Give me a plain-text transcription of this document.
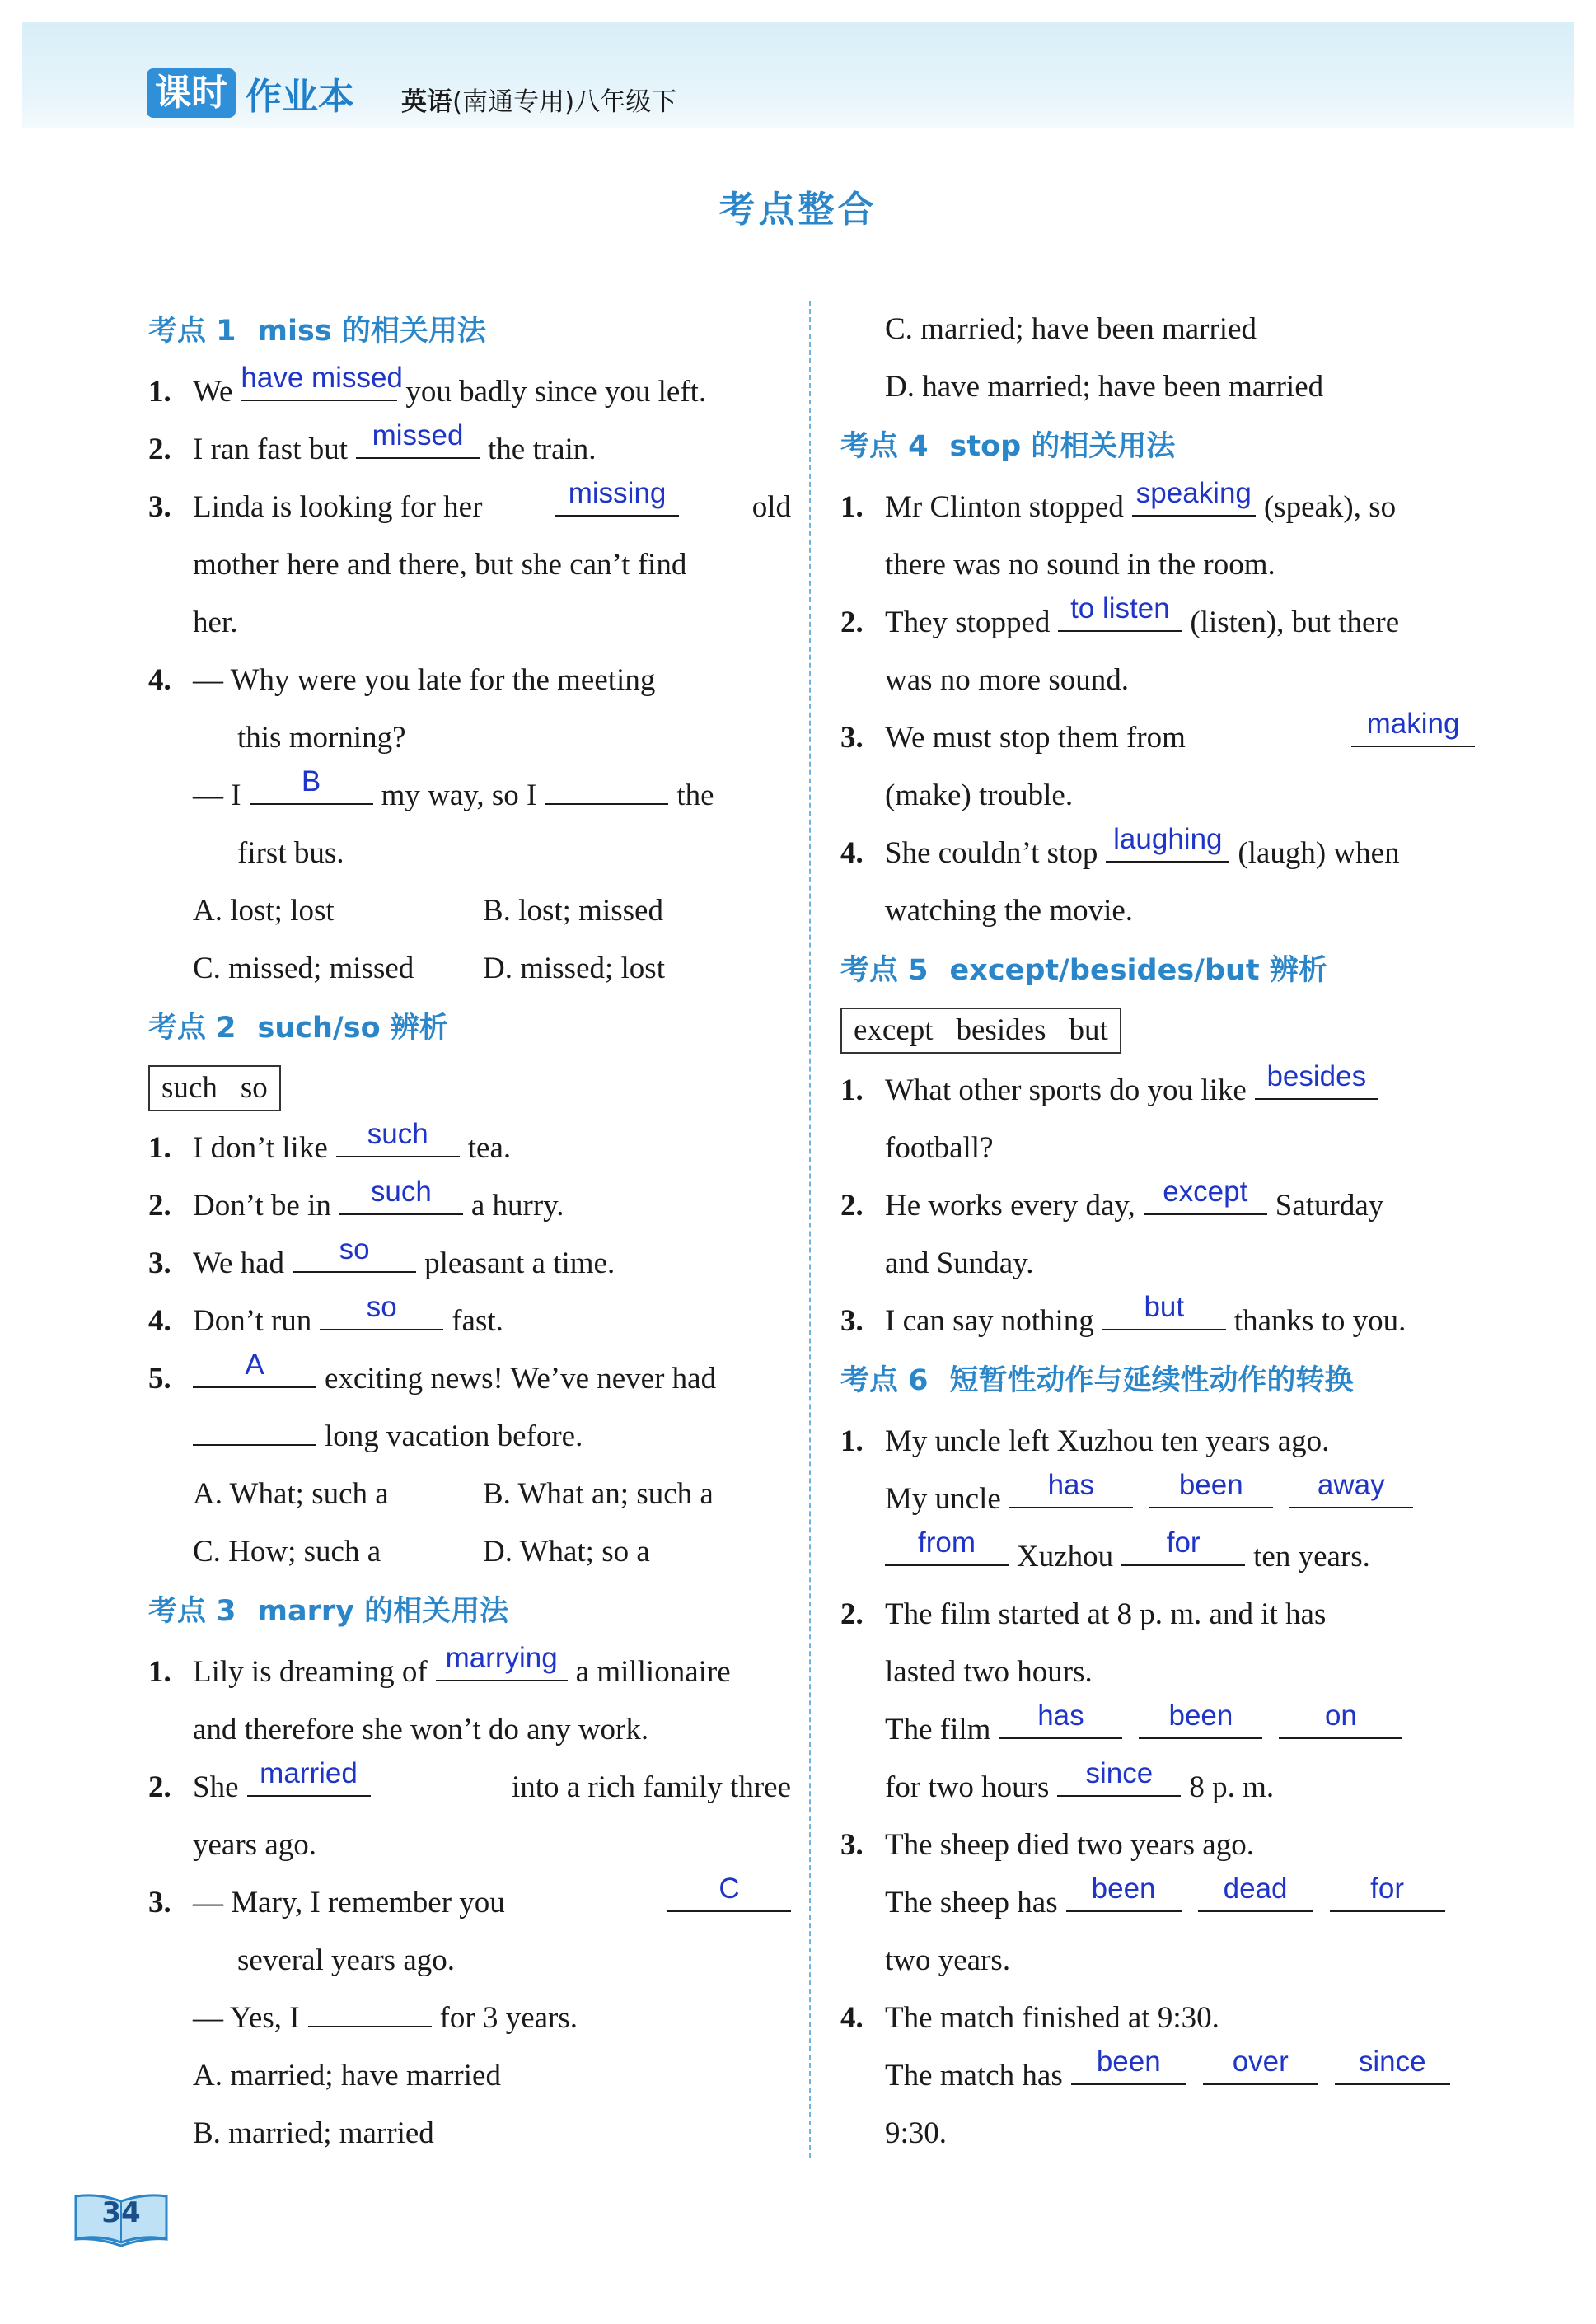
课时 作业本 英语(南通专用)八年级下
考点整合
考点 1 miss 的相关用法
1. We have missed you badly since you left.
2. I ran fast but missed the train.
3. Linda is looking for her	missing	old
mother here and there, but she can’t find
her.
4. — Why were you late for the meeting
this morning?
— I	B	my way, so I	the
first bus.
A. lost; lost	B. lost; missed
C. missed; missed D. missed; lost
考点 2 such/so 辨析
such so
1. I don’t like	such	tea.
2. Don’t be in	such	a hurry.
3. We had	so	pleasant a time.
4. Don’t run	so	fast.
5.	A	exciting news! We’ve never had
long vacation before.
A. What; such a	B. What an; such a
C. How; such a	D. What; so a
考点 3 marry 的相关用法
1. Lily is dreaming of marrying a millionaire
and therefore she won’t do any work.
2. She married	into a rich family three
years ago.
3. — Mary, I remember you	C
several years ago.
— Yes, I	for 3 years.
A. married; have married
B. married; married
C. married; have been married
D. have married; have been married
考点 4 stop 的相关用法
1. Mr Clinton stopped speaking (speak), so
there was no sound in the room.
2. They stopped to listen (listen), but there
was no more sound.
3. We must stop them from	making
(make) trouble.
4. She couldn’t stop laughing (laugh) when
watching the movie.
考点 5 except/besides/but 辨析
except besides but
1. What other sports do you like besides
football?
2. He works every day, except Saturday
and Sunday.
3. I can say nothing	but	thanks to you.
考点 6 短暂性动作与延续性动作的转换
1. My uncle left Xuzhou ten years ago.
My uncle	has	been	away
from	Xuzhou	for	ten years.
2. The film started at 8 p. m. and it has
lasted two hours.
The film	has	been	on
for two hours	since	8 p. m.
3. The sheep died two years ago.
The sheep has	been	dead	for
two years.
4. The match finished at 9:30.
The match has	been	over	since
9:30.
34
